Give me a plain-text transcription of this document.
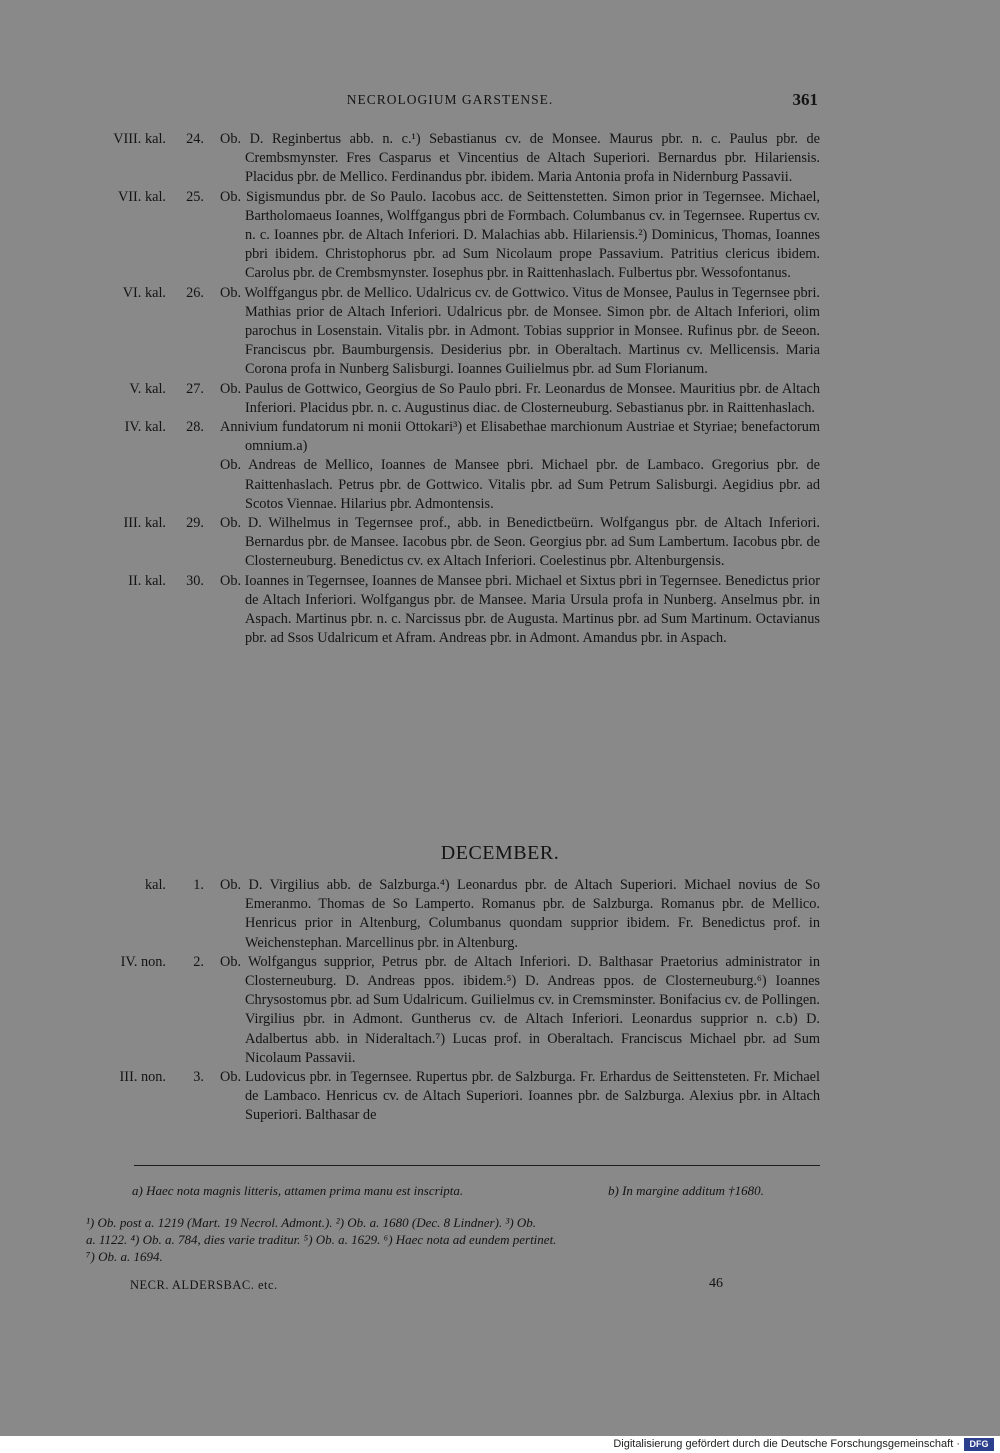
NECROLOGIUM GARSTENSE.	361
VIII. kal.	24. Ob. D. Reginbertus abb. n. c.¹) Sebastianus cv. de Monsee. Maurus pbr. n. c. Paulus pbr. de Crembsmynster. Fres Casparus et Vincentius de Altach Superiori. Bernardus pbr. Hilariensis. Placidus pbr. de Mellico. Ferdinandus pbr. ibidem. Maria Antonia profa in Nidernburg Passavii.
VII. kal.	25. Ob. Sigismundus pbr. de So Paulo. Iacobus acc. de Seittenstetten. Simon prior in Tegernsee. Michael, Bartholomaeus Ioannes, Wolffgangus pbri de Formbach. Columbanus cv. in Tegernsee. Rupertus cv. n. c. Ioannes pbr. de Altach Inferiori. D. Malachias abb. Hilariensis.²) Dominicus, Thomas, Ioannes pbri ibidem. Christophorus pbr. ad Sum Nicolaum prope Passavium. Patritius clericus ibidem. Carolus pbr. de Crembsmynster. Iosephus pbr. in Raittenhaslach. Fulbertus pbr. Wessofontanus.
VI. kal.	26. Ob. Wolffgangus pbr. de Mellico. Udalricus cv. de Gottwico. Vitus de Monsee, Paulus in Tegernsee pbri. Mathias prior de Altach Inferiori. Udalricus pbr. de Monsee. Simon pbr. de Altach Inferiori, olim parochus in Losenstain. Vitalis pbr. in Admont. Tobias supprior in Monsee. Rufinus pbr. de Seeon. Franciscus pbr. Baumburgensis. Desiderius pbr. in Oberaltach. Martinus cv. Mellicensis. Maria Corona profa in Nunberg Salisburgi. Ioannes Guilielmus pbr. ad Sum Florianum.
V. kal.	27. Ob. Paulus de Gottwico, Georgius de So Paulo pbri. Fr. Leonardus de Monsee. Mauritius pbr. de Altach Inferiori. Placidus pbr. n. c. Augustinus diac. de Closterneuburg. Sebastianus pbr. in Raittenhaslach.
IV. kal.	28. Annivium fundatorum ni monii Ottokari³) et Elisabethae marchionum Austriae et Styriae; benefactorum omnium.a)
Ob. Andreas de Mellico, Ioannes de Mansee pbri. Michael pbr. de Lambaco. Gregorius pbr. de Raittenhaslach. Petrus pbr. de Gottwico. Vitalis pbr. ad Sum Petrum Salisburgi. Aegidius pbr. ad Scotos Viennae. Hilarius pbr. Admontensis.
III. kal.	29. Ob. D. Wilhelmus in Tegernsee prof., abb. in Benedictbeürn. Wolfgangus pbr. de Altach Inferiori. Bernardus pbr. de Mansee. Iacobus pbr. de Seon. Georgius pbr. ad Sum Lambertum. Iacobus pbr. de Closterneuburg. Benedictus cv. ex Altach Inferiori. Coelestinus pbr. Altenburgensis.
II. kal.	30. Ob. Ioannes in Tegernsee, Ioannes de Mansee pbri. Michael et Sixtus pbri in Tegernsee. Benedictus prior de Altach Inferiori. Wolfgangus pbr. de Mansee. Maria Ursula profa in Nunberg. Anselmus pbr. in Aspach. Martinus pbr. n. c. Narcissus pbr. de Augusta. Martinus pbr. ad Sum Martinum. Octavianus pbr. ad Ssos Udalricum et Afram. Andreas pbr. in Admont. Amandus pbr. in Aspach.
DECEMBER.
kal.	1. Ob. D. Virgilius abb. de Salzburga.⁴) Leonardus pbr. de Altach Superiori. Michael novius de So Emeranmo. Thomas de So Lamperto. Romanus pbr. de Salzburga. Romanus pbr. de Mellico. Henricus prior in Altenburg, Columbanus quondam supprior ibidem. Fr. Benedictus prof. in Weichenstephan. Marcellinus pbr. in Altenburg.
IV. non.	2. Ob. Wolfgangus supprior, Petrus pbr. de Altach Inferiori. D. Balthasar Praetorius administrator in Closterneuburg. D. Andreas ppos. ibidem.⁵) D. Andreas ppos. de Closterneuburg.⁶) Ioannes Chrysostomus pbr. ad Sum Udalricum. Guilielmus cv. in Cremsminster. Bonifacius cv. de Pollingen. Virgilius pbr. in Admont. Guntherus cv. de Altach Inferiori. Leonardus supprior n. c.b) D. Adalbertus abb. in Nideraltach.⁷) Lucas prof. in Oberaltach. Franciscus Michael pbr. ad Sum Nicolaum Passavii.
III. non.	3. Ob. Ludovicus pbr. in Tegernsee. Rupertus pbr. de Salzburga. Fr. Erhardus de Seittensteten. Fr. Michael de Lambaco. Henricus cv. de Altach Superiori. Ioannes pbr. de Salzburga. Alexius pbr. in Altach Superiori. Balthasar de
a) Haec nota magnis litteris, attamen prima manu est inscripta.	b) In margine additum †1680.
¹) Ob. post a. 1219 (Mart. 19 Necrol. Admont.). ²) Ob. a. 1680 (Dec. 8 Lindner). ³) Ob.
a. 1122. ⁴) Ob. a. 784, dies varie traditur. ⁵) Ob. a. 1629. ⁶) Haec nota ad eundem pertinet.
⁷) Ob. a. 1694.
NECR. ALDERSBAC. etc.	46
Digitalisierung gefördert durch die Deutsche Forschungsgemeinschaft ·	DFG
